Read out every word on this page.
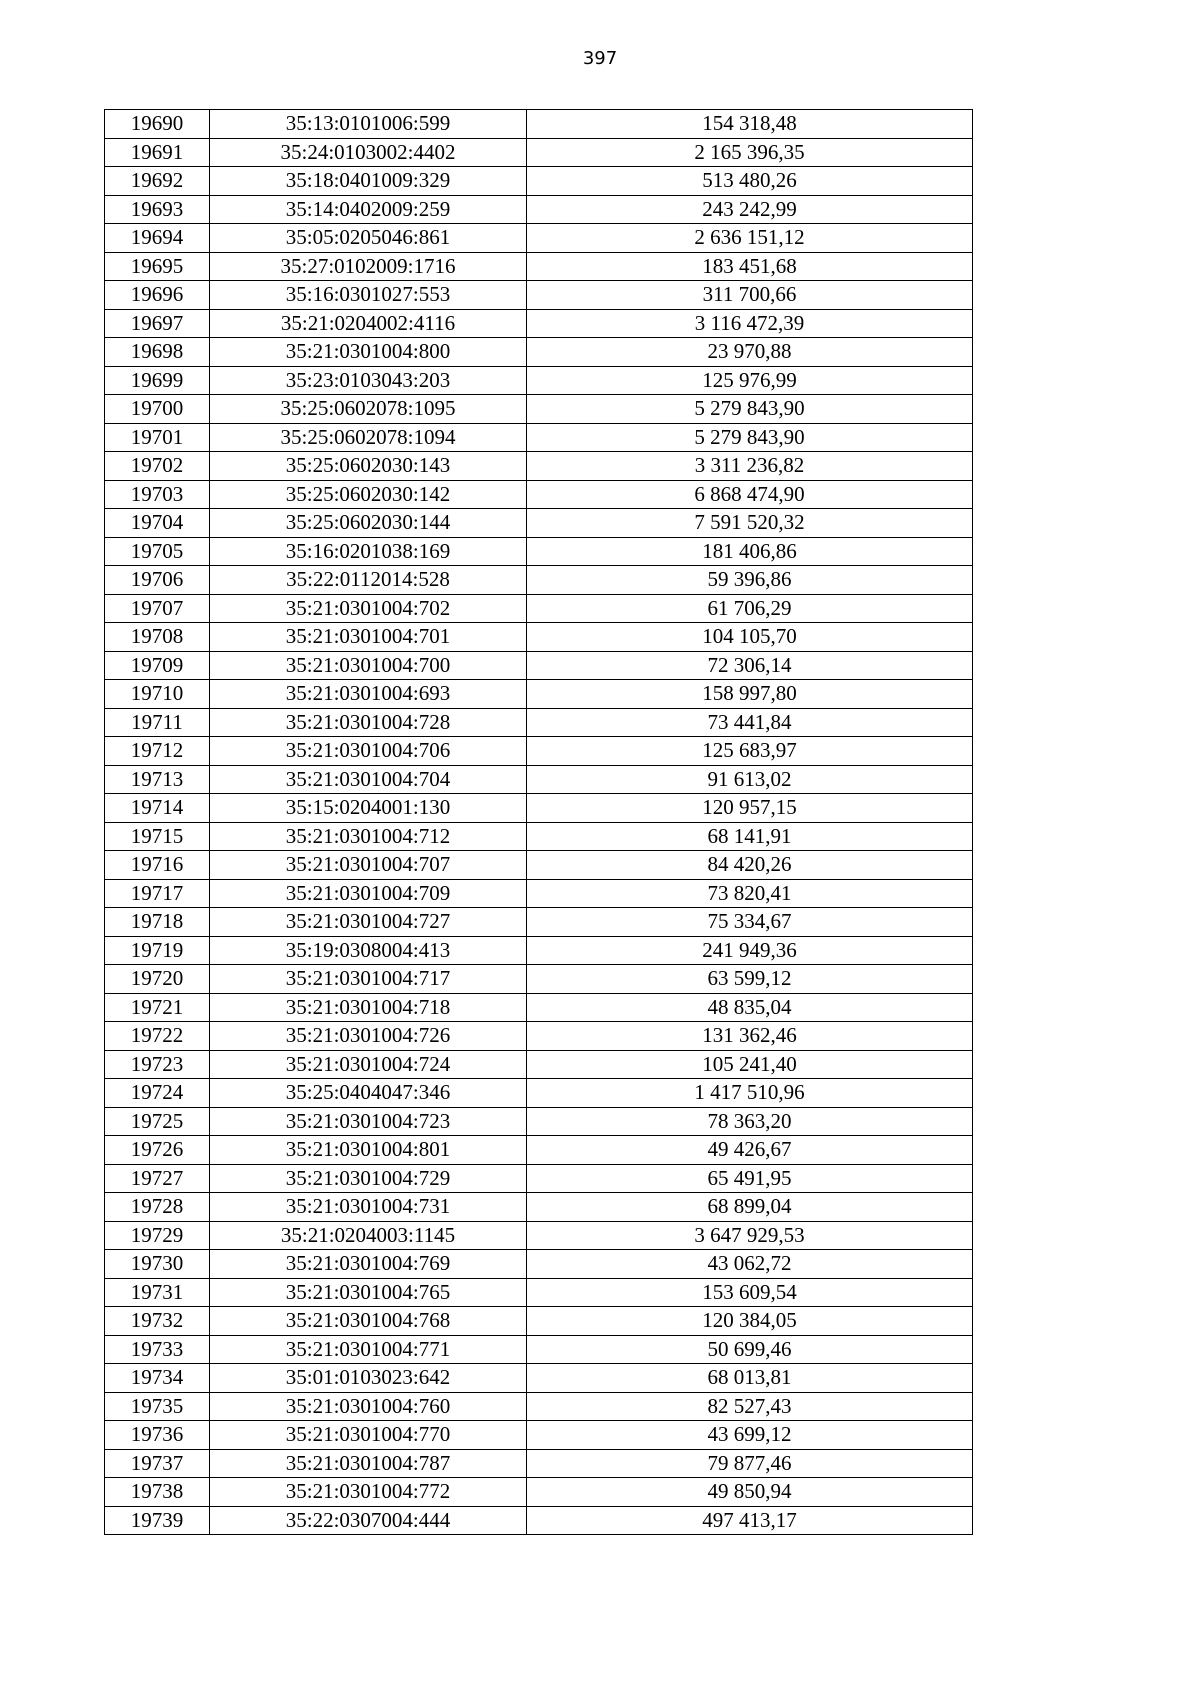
397
19690	35:13:0101006:599	154 318,48
19691	35:24:0103002:4402	2 165 396,35
19692	35:18:0401009:329	513 480,26
19693	35:14:0402009:259	243 242,99
19694	35:05:0205046:861	2 636 151,12
19695	35:27:0102009:1716	183 451,68
19696	35:16:0301027:553	311 700,66
19697	35:21:0204002:4116	3 116 472,39
19698	35:21:0301004:800	23 970,88
19699	35:23:0103043:203	125 976,99
19700	35:25:0602078:1095	5 279 843,90
19701	35:25:0602078:1094	5 279 843,90
19702	35:25:0602030:143	3 311 236,82
19703	35:25:0602030:142	6 868 474,90
19704	35:25:0602030:144	7 591 520,32
19705	35:16:0201038:169	181 406,86
19706	35:22:0112014:528	59 396,86
19707	35:21:0301004:702	61 706,29
19708	35:21:0301004:701	104 105,70
19709	35:21:0301004:700	72 306,14
19710	35:21:0301004:693	158 997,80
19711	35:21:0301004:728	73 441,84
19712	35:21:0301004:706	125 683,97
19713	35:21:0301004:704	91 613,02
19714	35:15:0204001:130	120 957,15
19715	35:21:0301004:712	68 141,91
19716	35:21:0301004:707	84 420,26
19717	35:21:0301004:709	73 820,41
19718	35:21:0301004:727	75 334,67
19719	35:19:0308004:413	241 949,36
19720	35:21:0301004:717	63 599,12
19721	35:21:0301004:718	48 835,04
19722	35:21:0301004:726	131 362,46
19723	35:21:0301004:724	105 241,40
19724	35:25:0404047:346	1 417 510,96
19725	35:21:0301004:723	78 363,20
19726	35:21:0301004:801	49 426,67
19727	35:21:0301004:729	65 491,95
19728	35:21:0301004:731	68 899,04
19729	35:21:0204003:1145	3 647 929,53
19730	35:21:0301004:769	43 062,72
19731	35:21:0301004:765	153 609,54
19732	35:21:0301004:768	120 384,05
19733	35:21:0301004:771	50 699,46
19734	35:01:0103023:642	68 013,81
19735	35:21:0301004:760	82 527,43
19736	35:21:0301004:770	43 699,12
19737	35:21:0301004:787	79 877,46
19738	35:21:0301004:772	49 850,94
19739	35:22:0307004:444	497 413,17
